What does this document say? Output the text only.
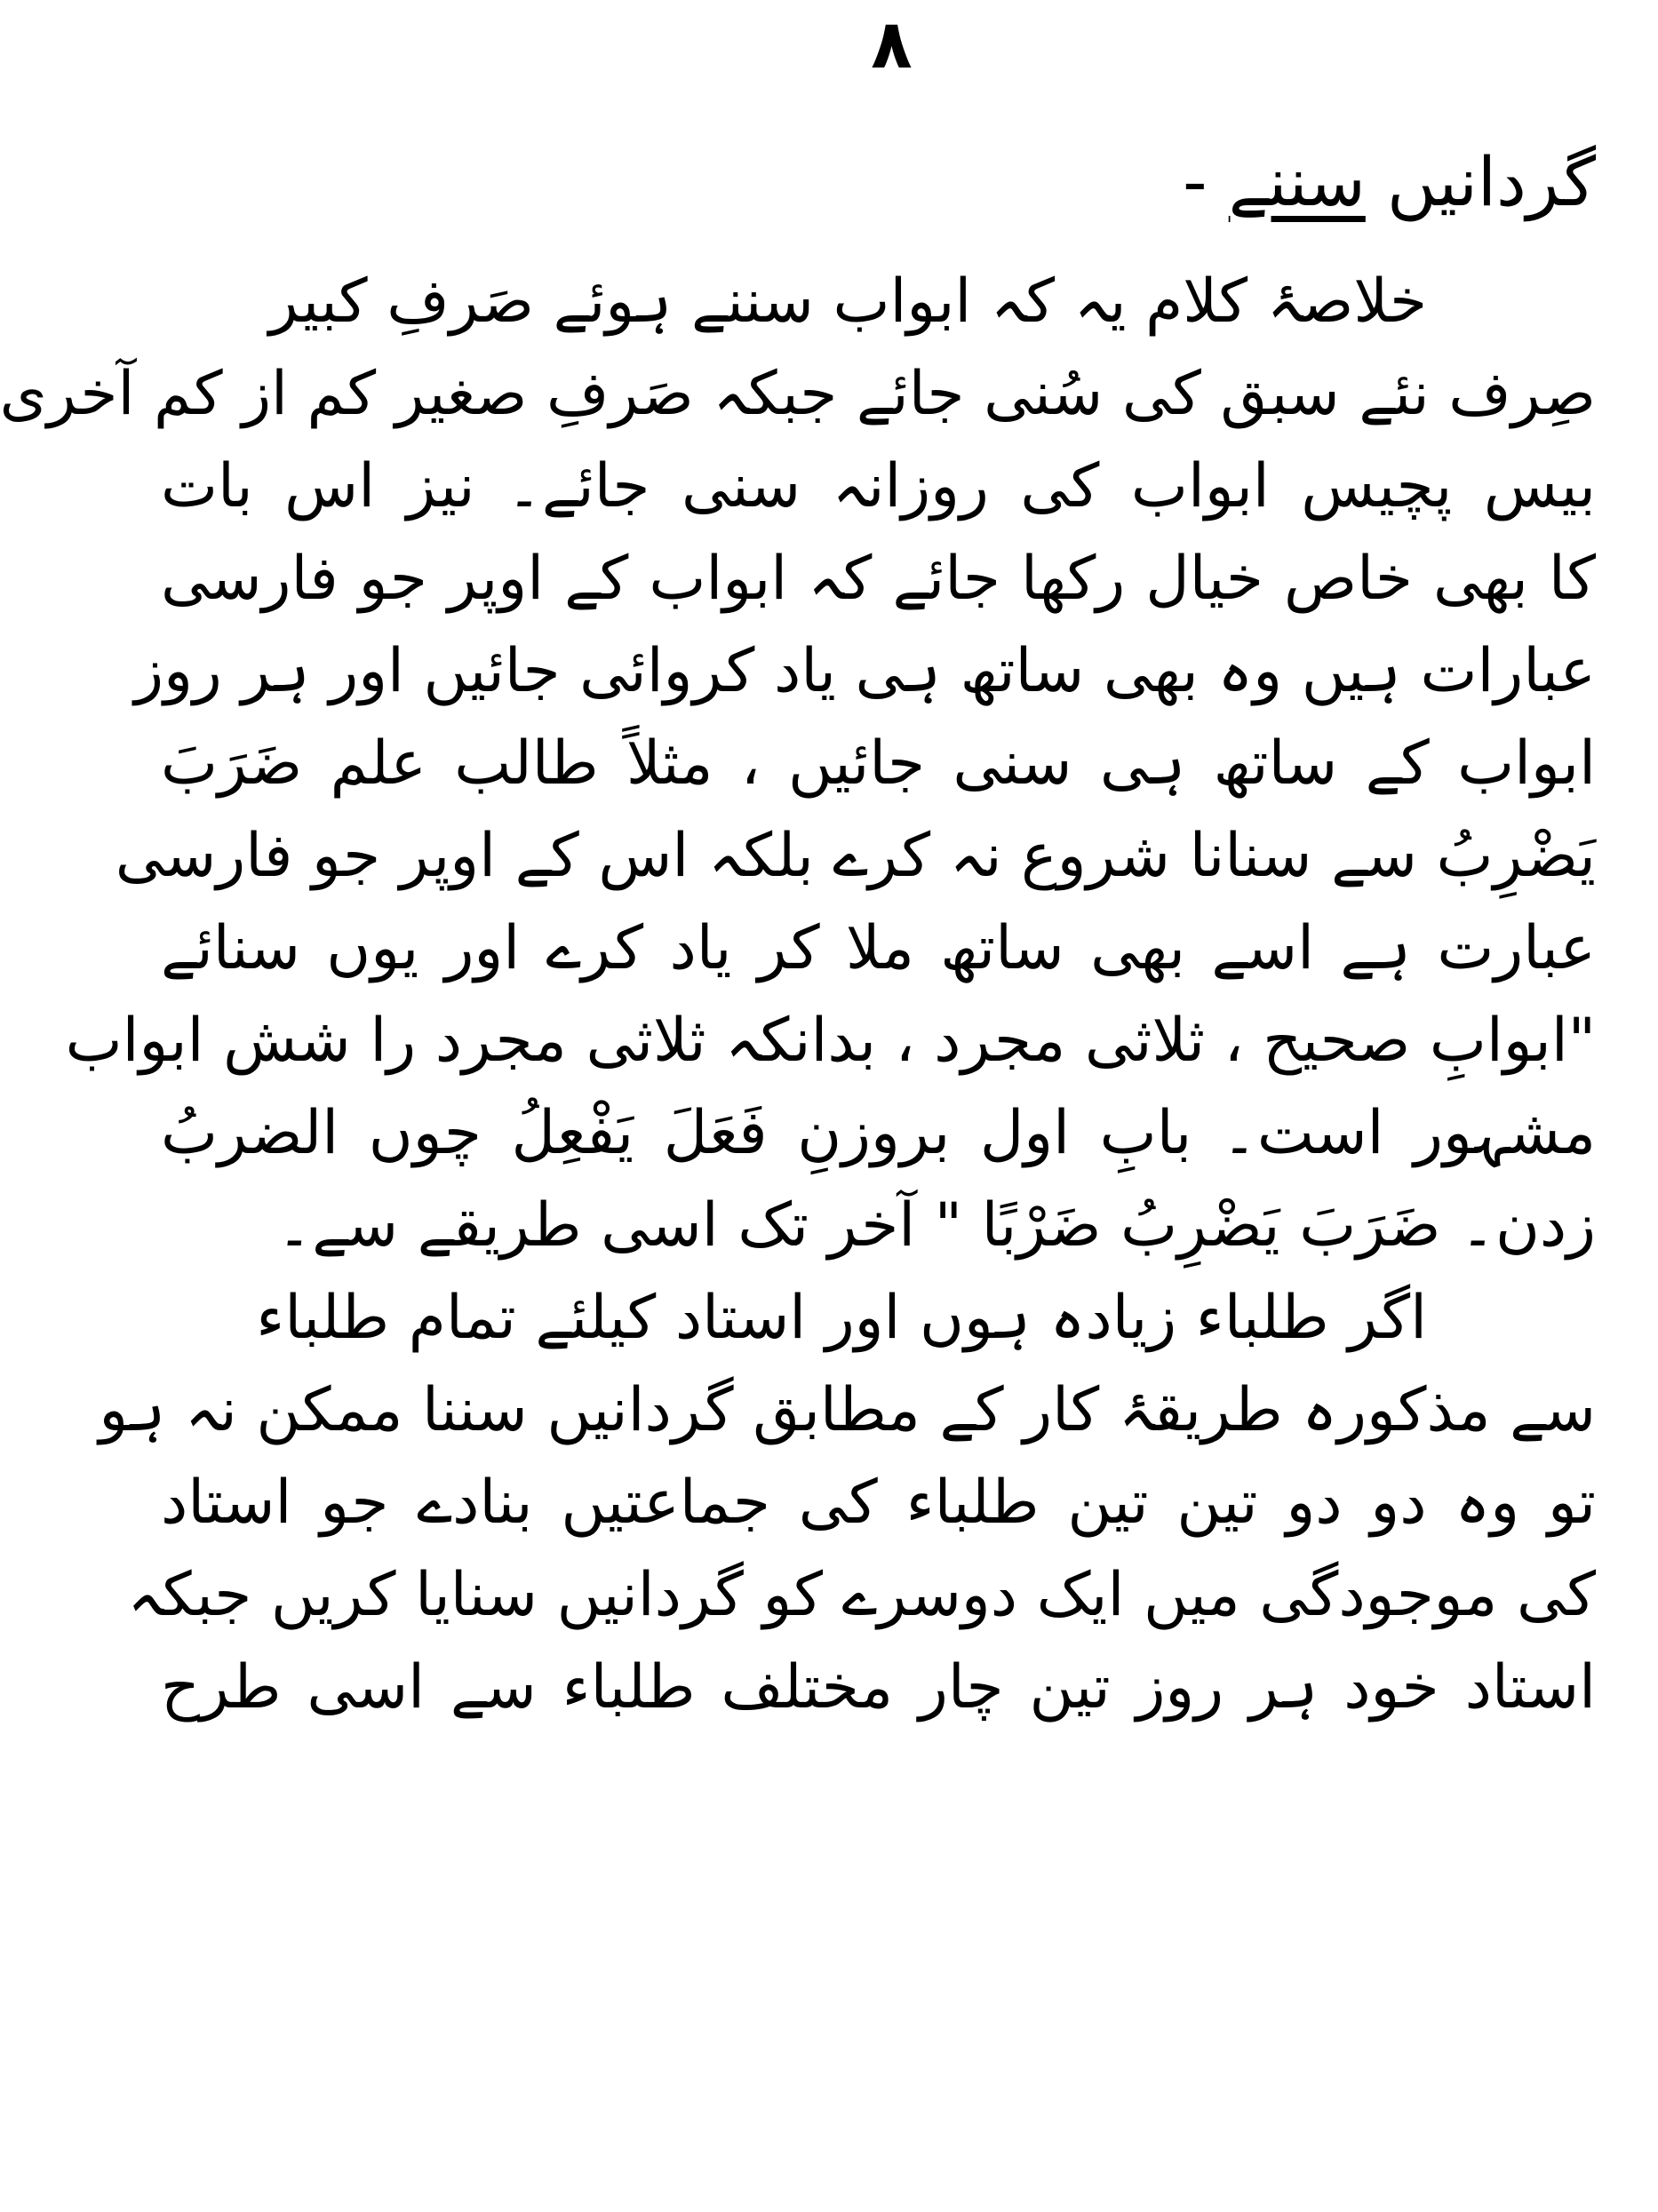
۸
گردانیں سننے -
خلاصۂ کلام یہ کہ ابواب سننے ہوئے صَرفِ کبیر
صِرف نئے سبق کی سُنی جائے جبکہ صَرفِ صغیر کم از کم آخری
بیس پچیس ابواب کی روزانہ سنی جائے۔ نیز اس بات
کا بھی خاص خیال رکھا جائے کہ ابواب کے اوپر جو فارسی
عبارات ہیں وہ بھی ساتھ ہی یاد کروائی جائیں اور ہر روز
ابواب کے ساتھ ہی سنی جائیں ، مثلاً طالب علم ضَرَبَ
یَضْرِبُ سے سنانا شروع نہ کرے بلکہ اس کے اوپر جو فارسی
عبارت ہے اسے بھی ساتھ ملا کر یاد کرے اور یوں سنائے
"ابوابِ صحیح ، ثلاثی مجرد ، بدانکہ ثلاثی مجرد را شش ابواب
مشہور است۔ بابِ اول بروزنِ فَعَلَ یَفْعِلُ چوں الضربُ
زدن۔ ضَرَبَ یَضْرِبُ ضَرْبًا " آخر تک اسی طریقے سے۔
اگر طلباء زیادہ ہوں اور استاد کیلئے تمام طلباء
سے مذکورہ طریقۂ کار کے مطابق گردانیں سننا ممکن نہ ہو
تو وہ دو دو تین تین طلباء کی جماعتیں بنادے جو استاد
کی موجودگی میں ایک دوسرے کو گردانیں سنایا کریں جبکہ
استاد خود ہر روز تین چار مختلف طلباء سے اسی طرح
